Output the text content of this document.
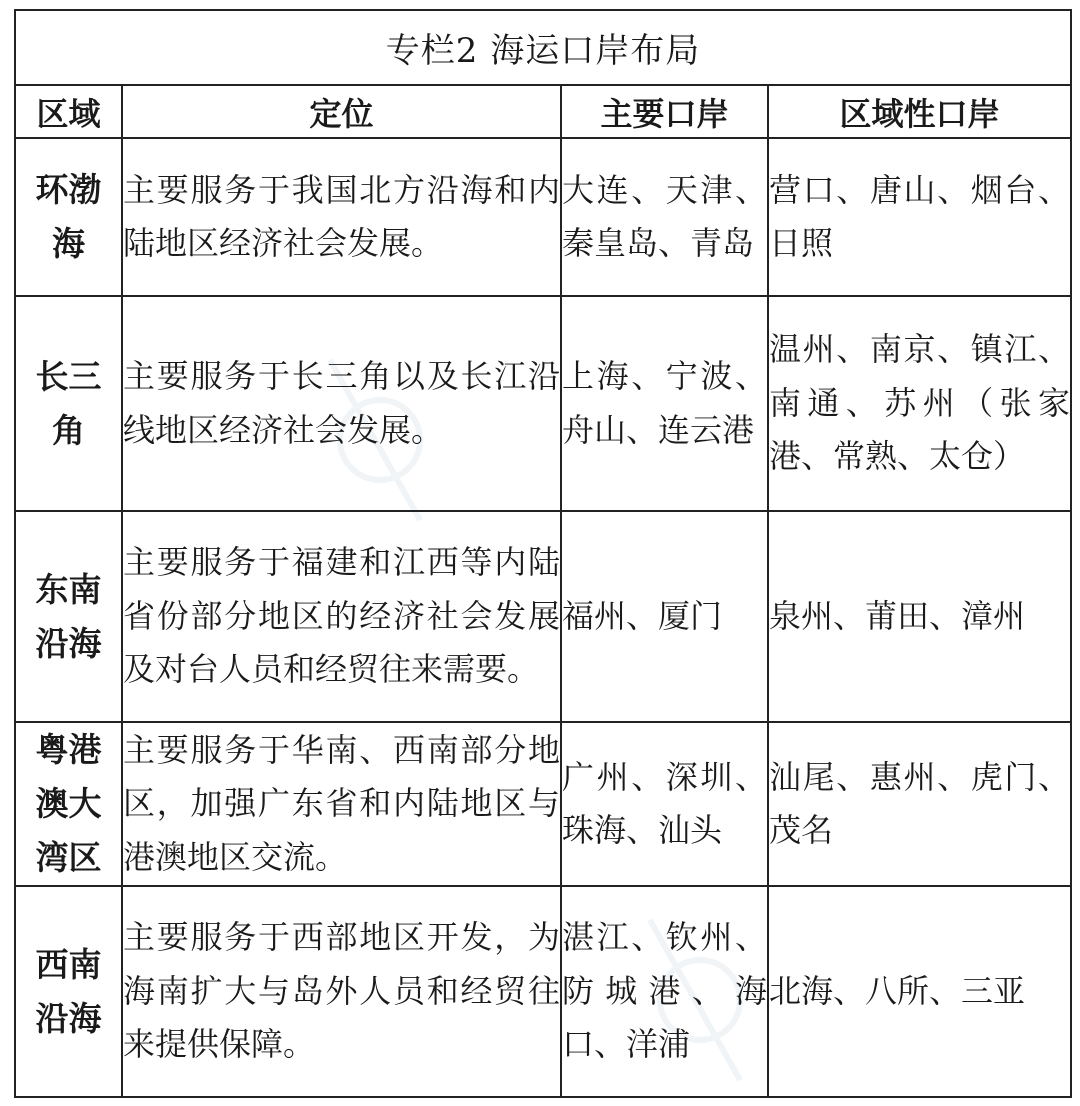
专栏2 海运口岸布局			
区域	定位	主要口岸	区域性口岸
环渤海	主要服务于我国北方沿海和内陆地区经济社会发展。	大连、天津、秦皇岛、青岛	营口、唐山、烟台、日照
长三角	主要服务于长三角以及长江沿线地区经济社会发展。	上海、宁波、舟山、连云港	温州、南京、镇江、南通、苏州（张家港、常熟、太仓）
东南沿海	主要服务于福建和江西等内陆省份部分地区的经济社会发展及对台人员和经贸往来需要。	福州、厦门	泉州、莆田、漳州
粤港澳大湾区	主要服务于华南、西南部分地区，加强广东省和内陆地区与港澳地区交流。	广州、深圳、珠海、汕头	汕尾、惠州、虎门、茂名
西南沿海	主要服务于西部地区开发，为海南扩大与岛外人员和经贸往来提供保障。	湛江、钦州、防城港、海口、洋浦	北海、八所、三亚
